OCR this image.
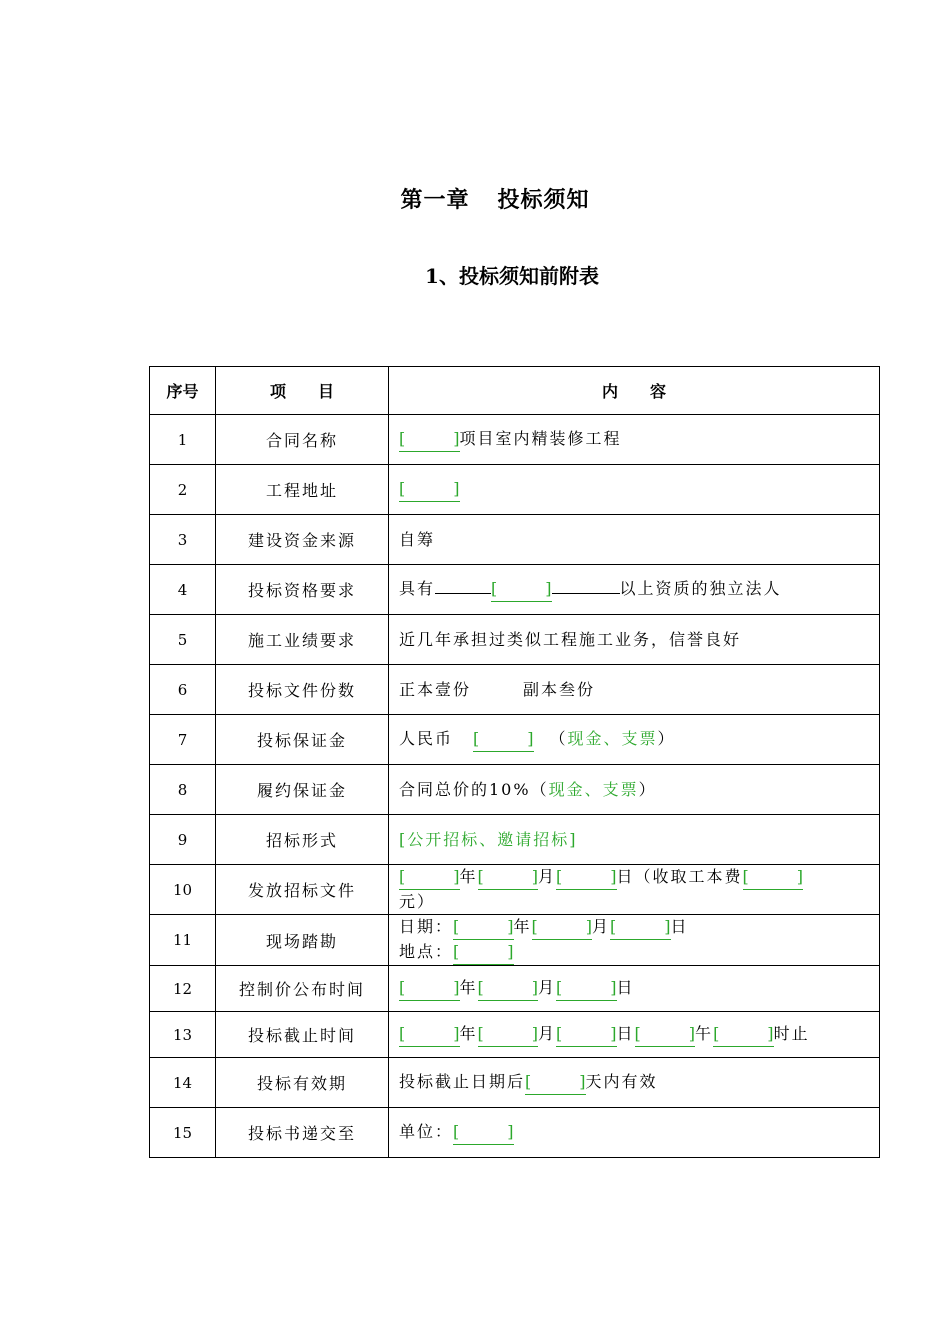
第一章 投标须知
1、投标须知前附表
序号	项　　目	内　　容
1	合同名称	[　　　]项目室内精装修工程
2	工程地址	[　　　]
3	建设资金来源	自筹
4	投标资格要求	具有 [　　　] 以上资质的独立法人
5	施工业绩要求	近几年承担过类似工程施工业务，信誉良好
6	投标文件份数	正本壹份 副本叁份
7	投标保证金	人民币 [　　　] （现金、支票）
8	履约保证金	合同总价的10%（现金、支票）
9	招标形式	[公开招标、邀请招标]
10	发放招标文件	[　　　]年[　　　]月[　　　]日（收取工本费[　　　]
元）
11	现场踏勘	日期：[　　　]年[　　　]月[　　　]日
地点：[　　　]
12	控制价公布时间	[　　　]年[　　　]月[　　　]日
13	投标截止时间	[　　　]年[　　　]月[　　　]日[　　　]午[　　　]时止
14	投标有效期	投标截止日期后[　　　]天内有效
15	投标书递交至	单位：[　　　]
